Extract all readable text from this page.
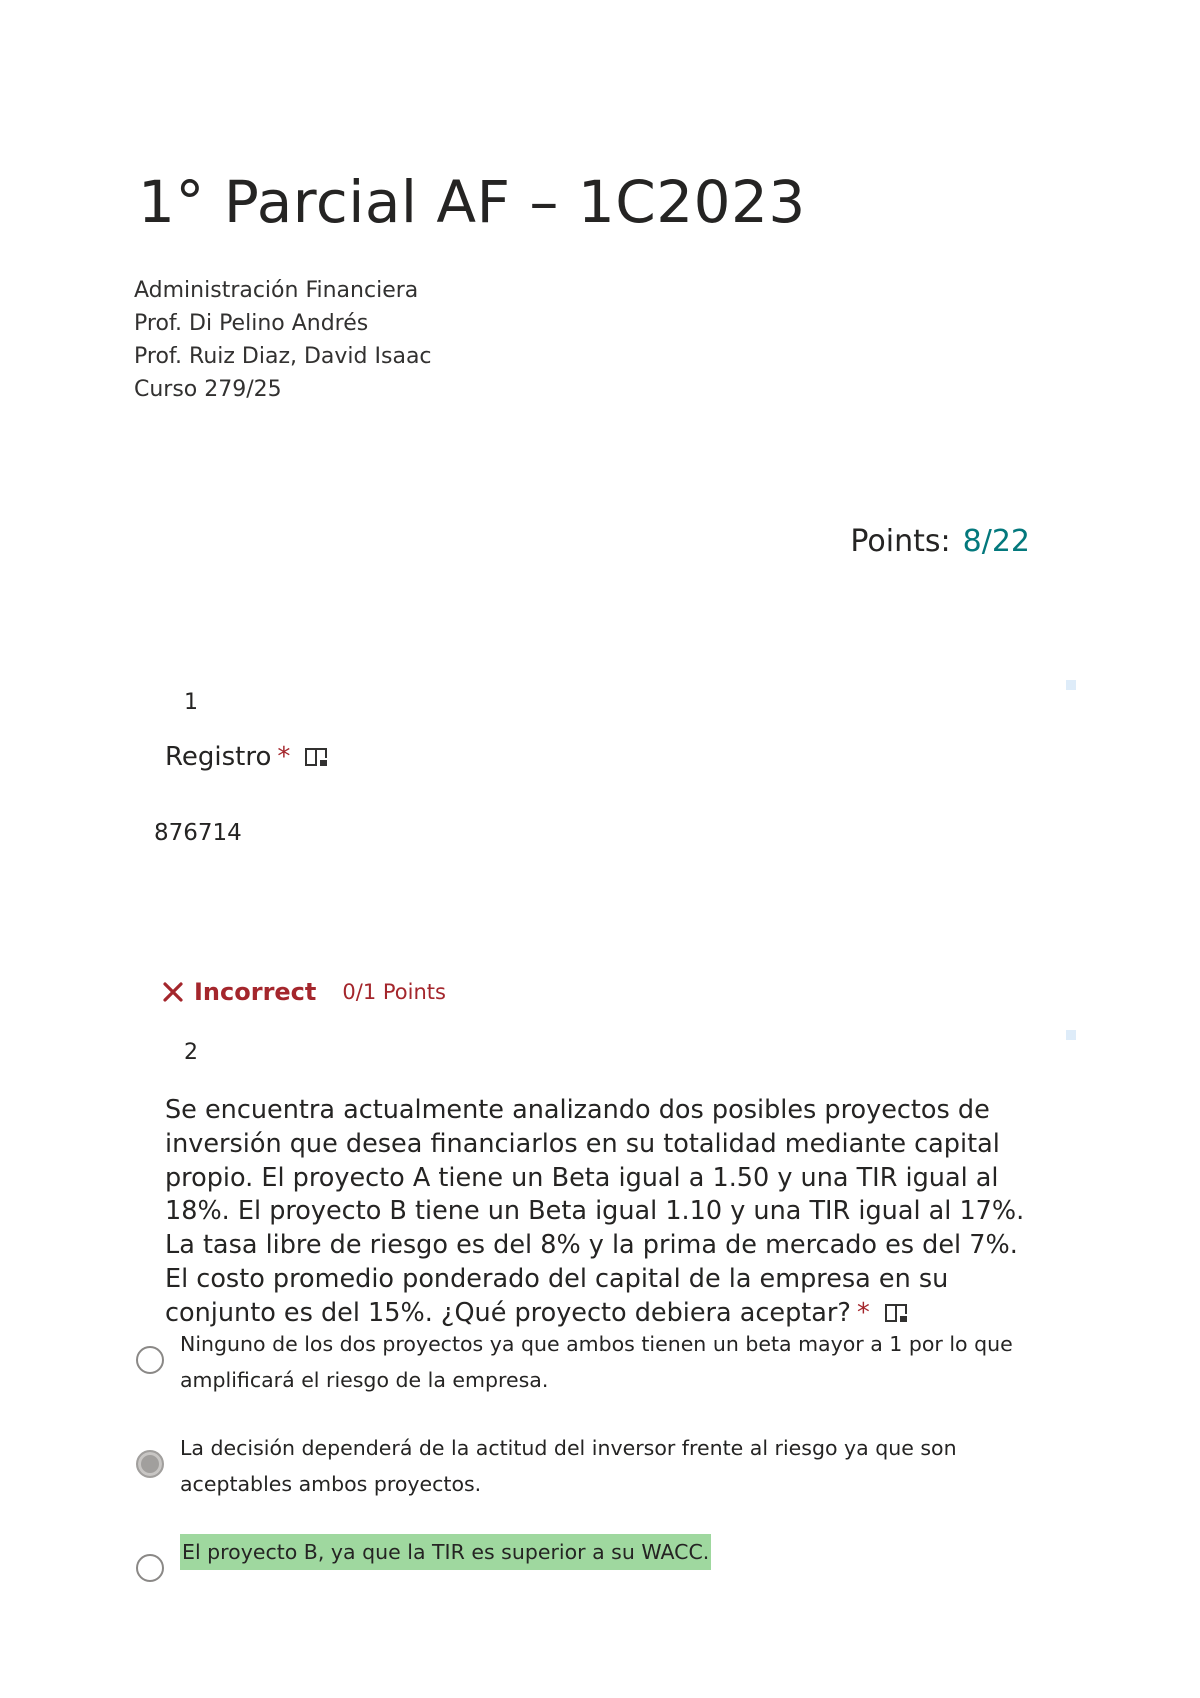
1° Parcial AF – 1C2023
Administración Financiera
Prof. Di Pelino Andrés
Prof. Ruiz Diaz, David Isaac
Curso 279/25
Points: 8/22
1
Registro *
876714
Incorrect 0/1 Points
2
Se encuentra actualmente analizando dos posibles proyectos de inversión que desea financiarlos en su totalidad mediante capital propio. El proyecto A tiene un Beta igual a 1.50 y una TIR igual al 18%. El proyecto B tiene un Beta igual 1.10 y una TIR igual al 17%. La tasa libre de riesgo es del 8% y la prima de mercado es del 7%. El costo promedio ponderado del capital de la empresa en su conjunto es del 15%. ¿Qué proyecto debiera aceptar? *
Ninguno de los dos proyectos ya que ambos tienen un beta mayor a 1 por lo que amplificará el riesgo de la empresa.
La decisión dependerá de la actitud del inversor frente al riesgo ya que son aceptables ambos proyectos.
El proyecto B, ya que la TIR es superior a su WACC.
